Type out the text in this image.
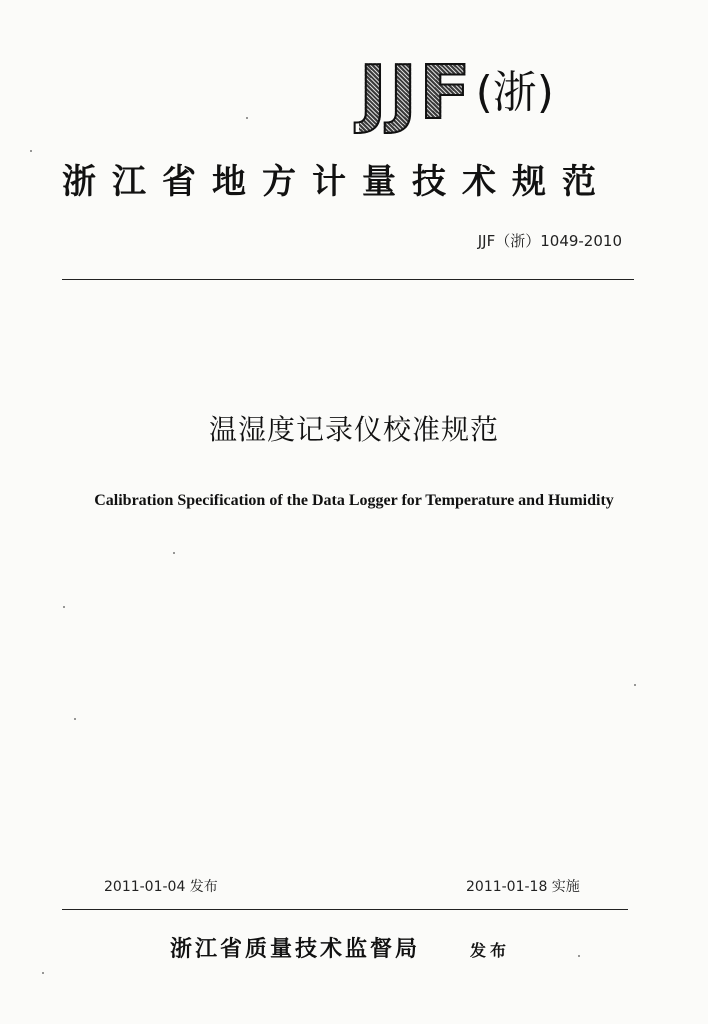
JJF (浙)
浙江省地方计量技术规范
JJF（浙）1049-2010
温湿度记录仪校准规范
Calibration Specification of the Data Logger for Temperature and Humidity
2011-01-04 发布	2011-01-18 实施
浙江省质量技术监督局	发布
